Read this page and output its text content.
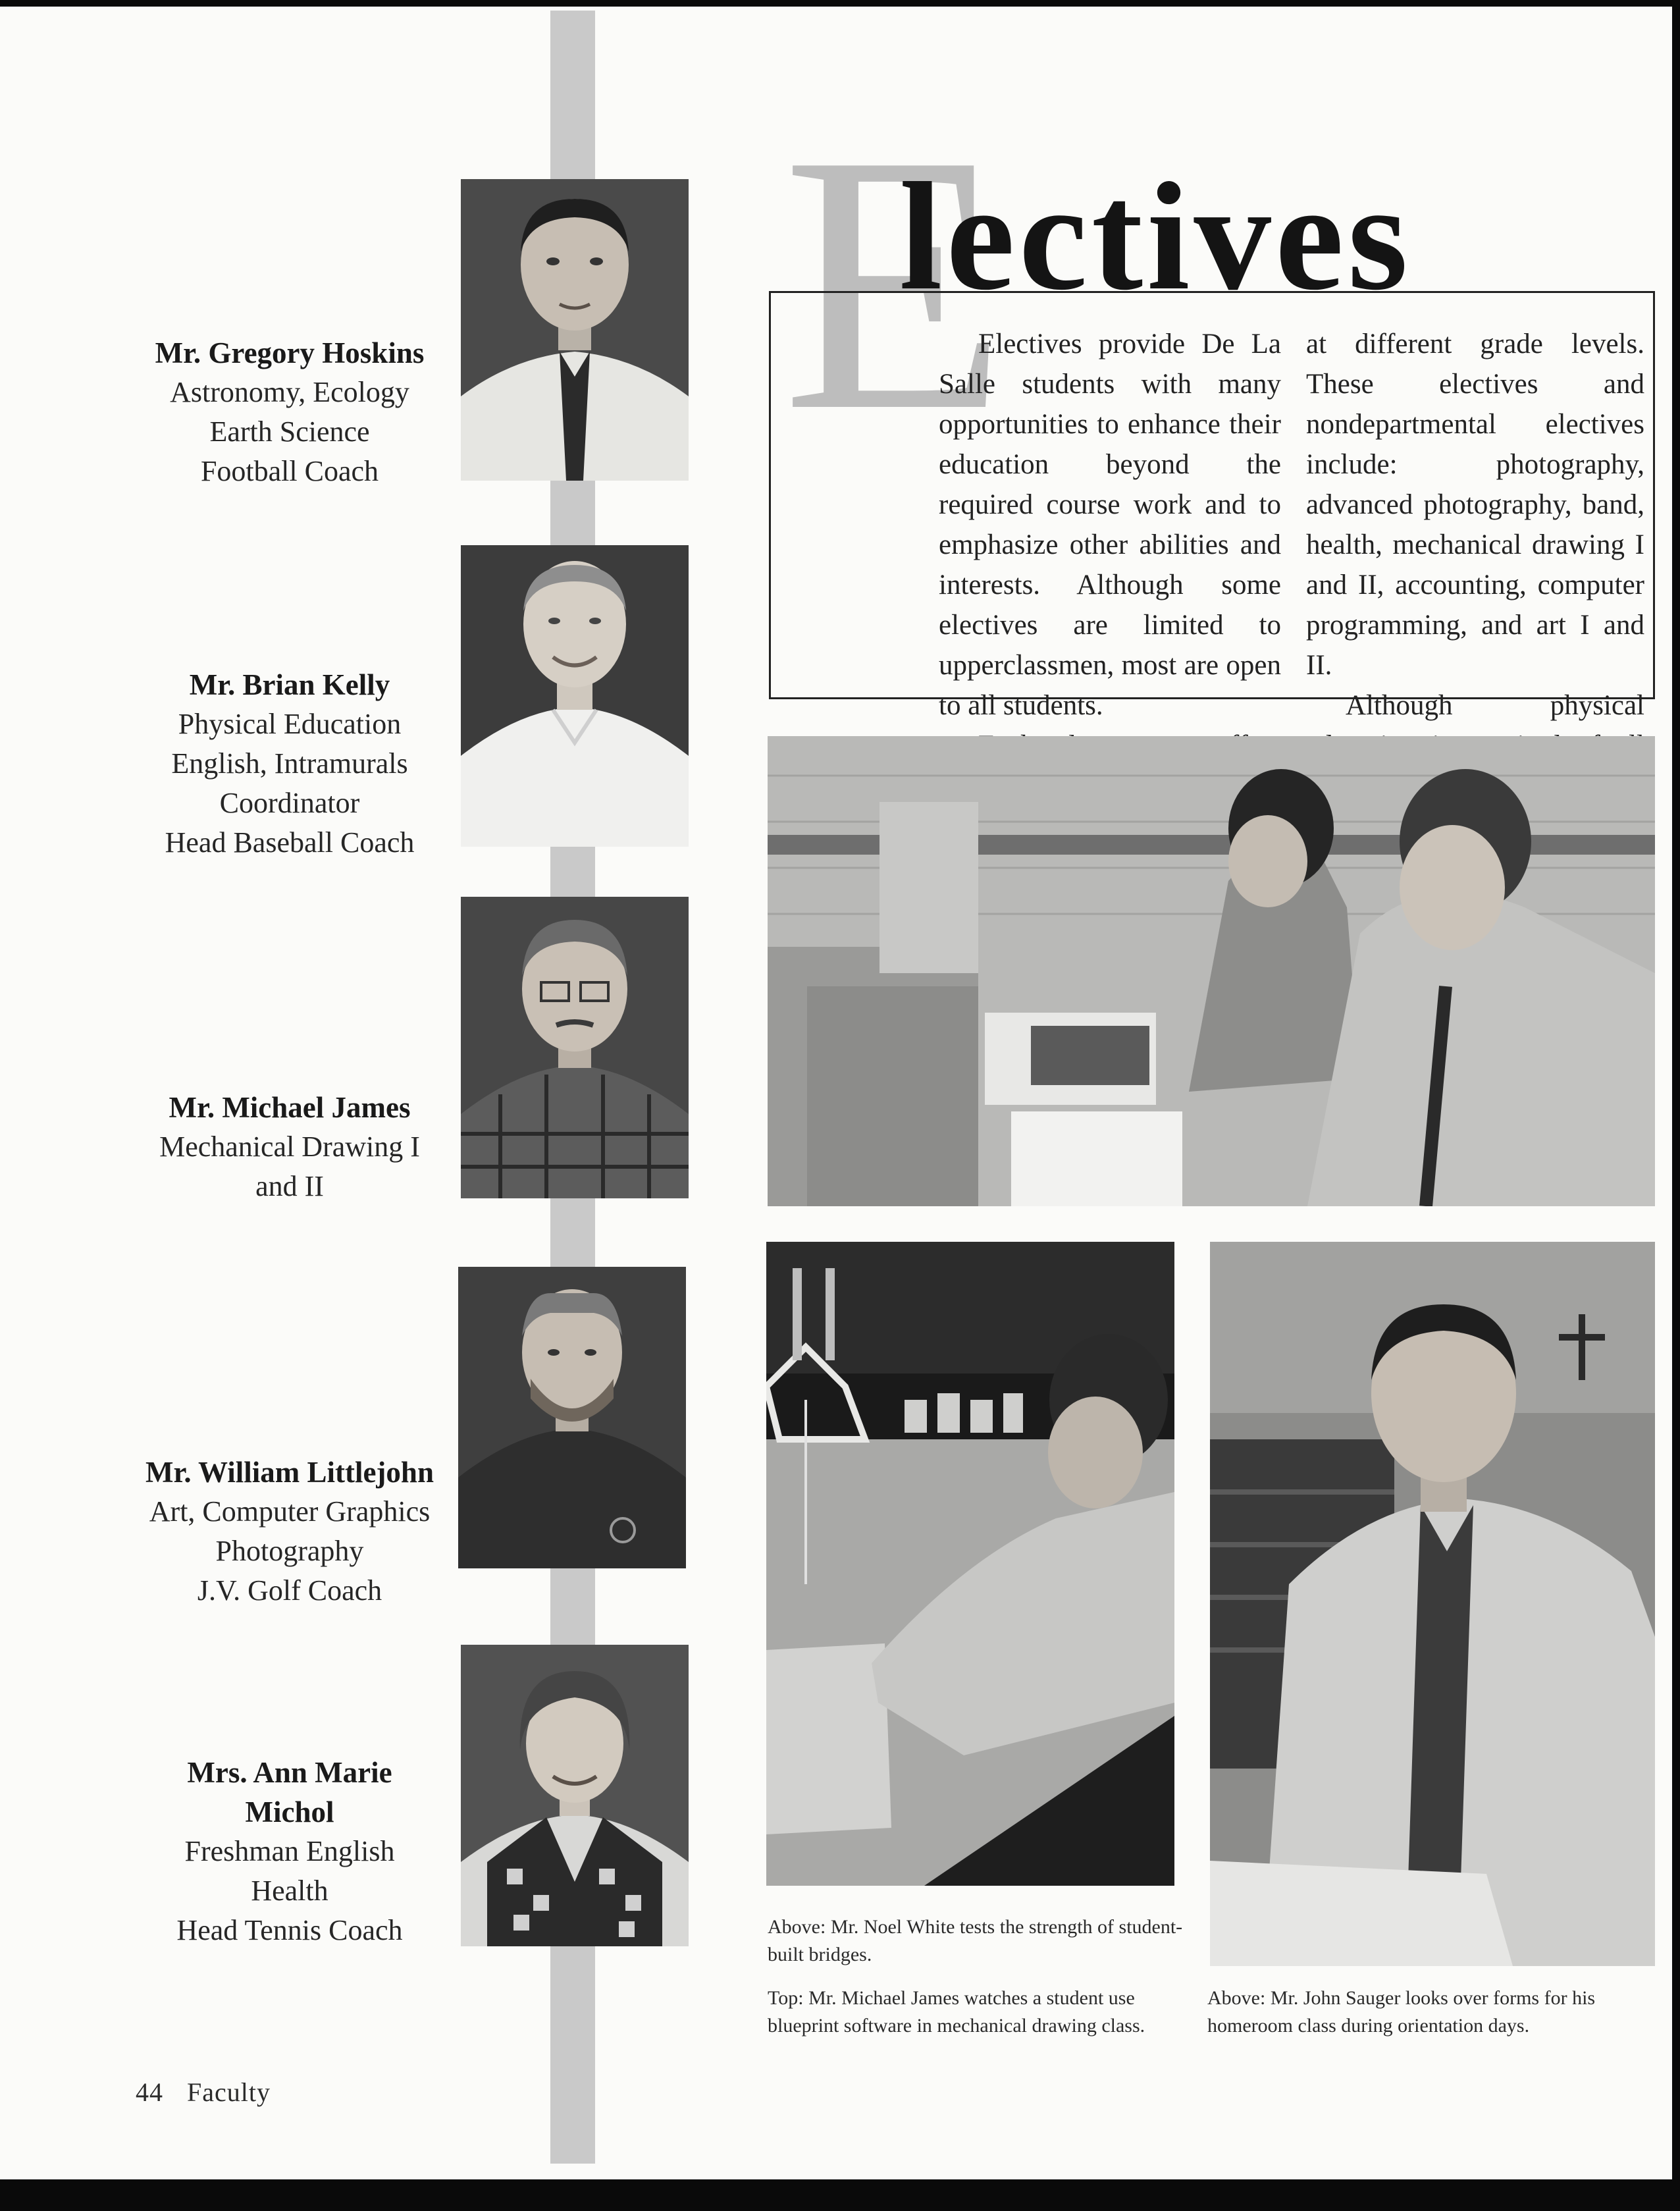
Mr. Gregory Hoskins
Astronomy, Ecology
Earth Science
Football Coach
Mr. Brian Kelly
Physical Education
English, Intramurals
Coordinator
Head Baseball Coach
Mr. Michael James
Mechanical Drawing I
and II
Mr. William Littlejohn
Art, Computer Graphics
Photography
J.V. Golf Coach
Mrs. Ann Marie Michol
Freshman English
Health
Head Tennis Coach
E
lectives

Electives provide De La Salle students with many opportunities to enhance their education beyond the required course work and to emphasize other abilities and interests. Although some electives are limited to upperclassmen, most are open to all students.

at different grade levels. These electives and nondepartmental electives include: photography, advanced photography, band, health, mechanical drawing I and II, accounting, computer programming, and art I and II.

Although physical

Above: Mr. Noel White tests the strength of student-built bridges.
Top: Mr. Michael James watches a student use blueprint software in mechanical drawing class.
Above: Mr. John Sauger looks over forms for his homeroom class during orientation days.
44 Faculty
